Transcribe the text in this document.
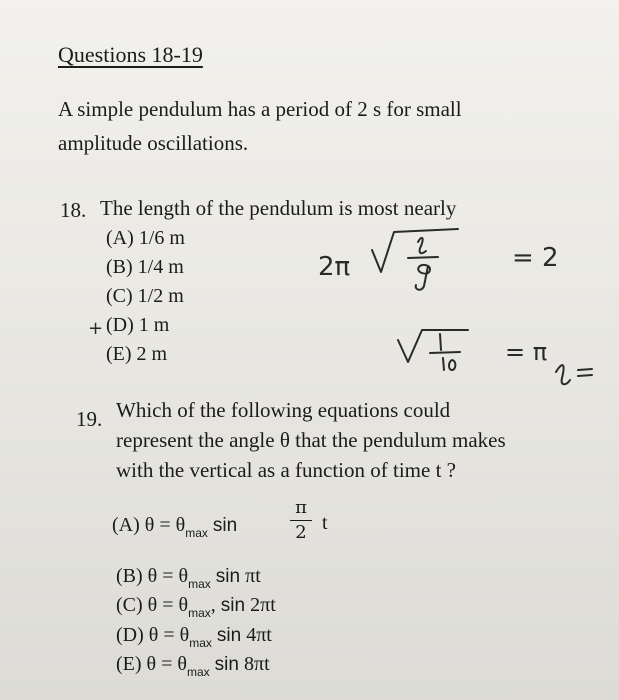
Questions 18-19
A simple pendulum has a period of 2 s for small
amplitude oscillations.
18. The length of the pendulum is most nearly
(A) 1/6 m
(B) 1/4 m
(C) 1/2 m
(D) 1 m
(E) 2 m
19. Which of the following equations could
represent the angle θ that the pendulum makes
with the vertical as a function of time t ?
(A) $\theta = \theta_{max}$ sin
π
2 t
(B) $\theta = \theta_{max}$ sin πt
(C) $\theta = \theta_{max}$, sin 2πt
(D) $\theta = \theta_{max}$ sin 4πt
(E) $\theta = \theta_{max}$ sin 8πt
2π	= 2
+
= π
